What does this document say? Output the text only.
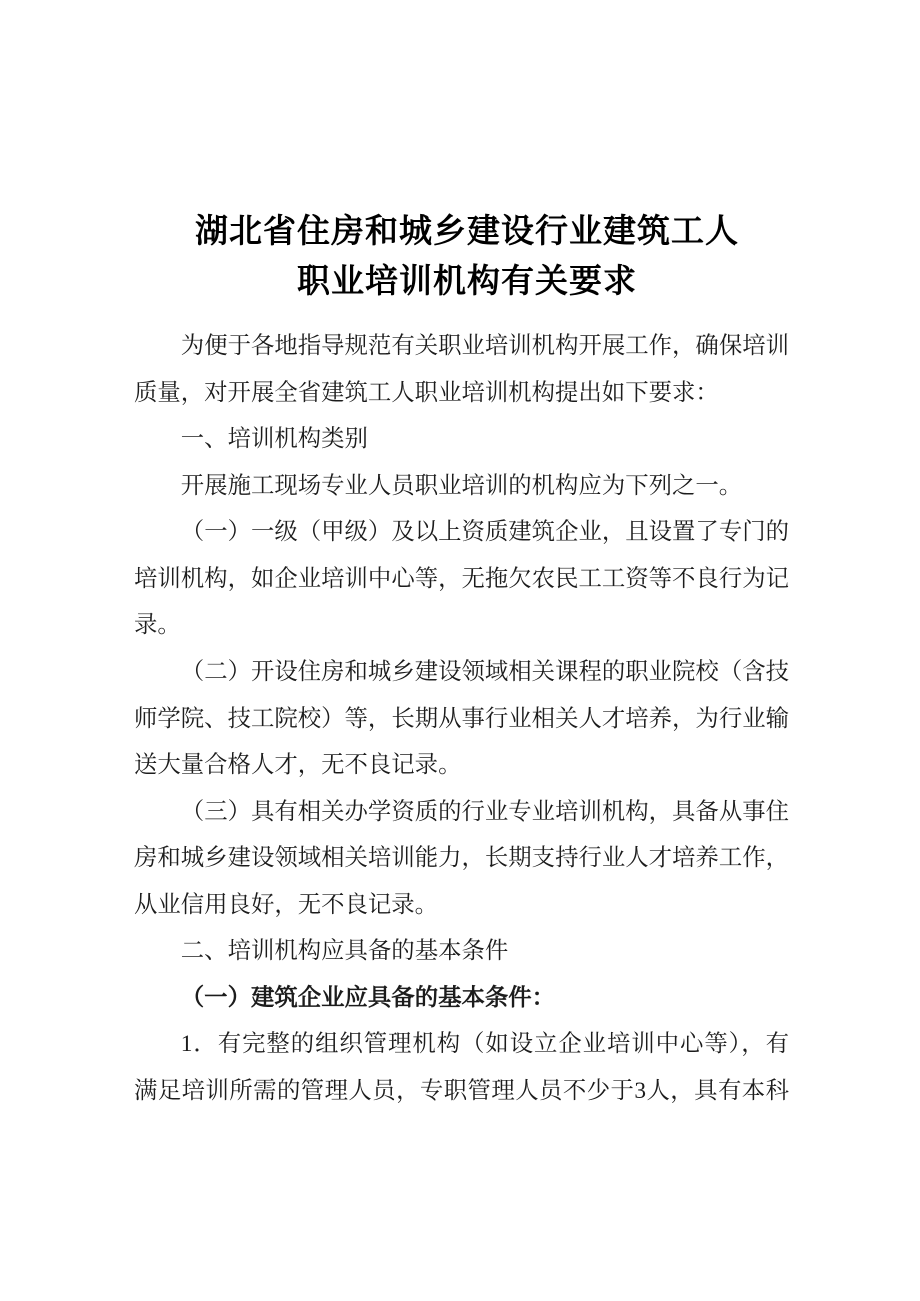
湖北省住房和城乡建设行业建筑工人
职业培训机构有关要求
为便于各地指导规范有关职业培训机构开展工作，确保培训
质量，对开展全省建筑工人职业培训机构提出如下要求：
一、培训机构类别
开展施工现场专业人员职业培训的机构应为下列之一。
（一）一级（甲级）及以上资质建筑企业，且设置了专门的
培训机构，如企业培训中心等，无拖欠农民工工资等不良行为记
录。
（二）开设住房和城乡建设领域相关课程的职业院校（含技
师学院、技工院校）等，长期从事行业相关人才培养，为行业输
送大量合格人才，无不良记录。
（三）具有相关办学资质的行业专业培训机构，具备从事住
房和城乡建设领域相关培训能力，长期支持行业人才培养工作，
从业信用良好，无不良记录。
二、培训机构应具备的基本条件
（一）建筑企业应具备的基本条件：
1．有完整的组织管理机构（如设立企业培训中心等），有
满足培训所需的管理人员，专职管理人员不少于3人，具有本科
